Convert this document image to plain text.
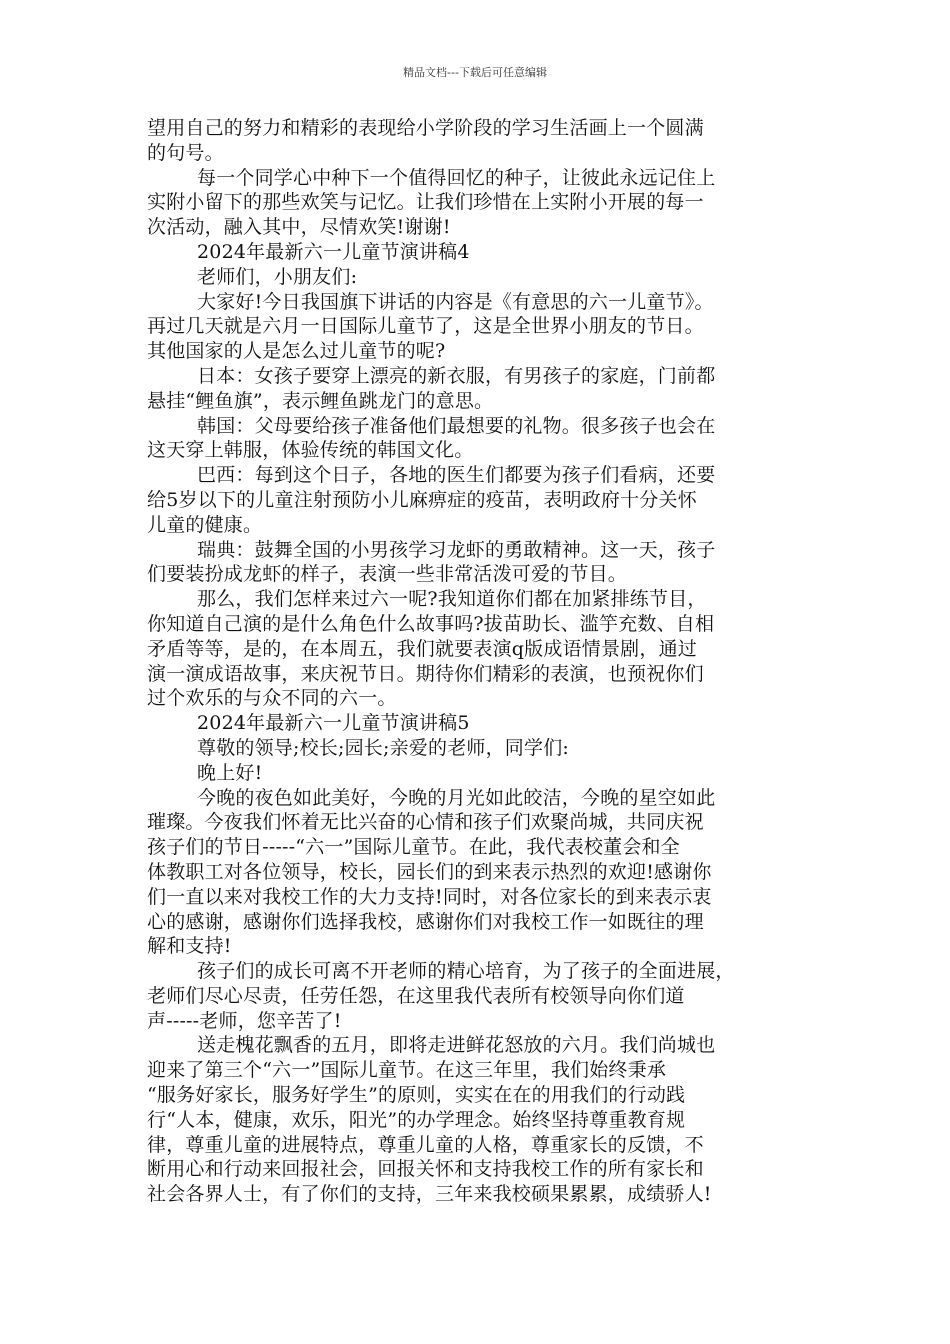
精品文档---下载后可任意编辑
望用自己的努力和精彩的表现给小学阶段的学习生活画上一个圆满
的句号。
每一个同学心中种下一个值得回忆的种子，让彼此永远记住上
实附小留下的那些欢笑与记忆。让我们珍惜在上实附小开展的每一
次活动，融入其中，尽情欢笑!谢谢!
2024年最新六一儿童节演讲稿4
老师们，小朋友们:
大家好!今日我国旗下讲话的内容是《有意思的六一儿童节》。
再过几天就是六月一日国际儿童节了，这是全世界小朋友的节日。
其他国家的人是怎么过儿童节的呢?
日本：女孩子要穿上漂亮的新衣服，有男孩子的家庭，门前都
悬挂“鲤鱼旗”，表示鲤鱼跳龙门的意思。
韩国：父母要给孩子准备他们最想要的礼物。很多孩子也会在
这天穿上韩服，体验传统的韩国文化。
巴西：每到这个日子，各地的医生们都要为孩子们看病，还要
给5岁以下的儿童注射预防小儿麻痹症的疫苗，表明政府十分关怀
儿童的健康。
瑞典：鼓舞全国的小男孩学习龙虾的勇敢精神。这一天，孩子
们要装扮成龙虾的样子，表演一些非常活泼可爱的节目。
那么，我们怎样来过六一呢?我知道你们都在加紧排练节目，
你知道自己演的是什么角色什么故事吗?拔苗助长、滥竽充数、自相
矛盾等等，是的，在本周五，我们就要表演q版成语情景剧，通过
演一演成语故事，来庆祝节日。期待你们精彩的表演，也预祝你们
过个欢乐的与众不同的六一。
2024年最新六一儿童节演讲稿5
尊敬的领导;校长;园长;亲爱的老师，同学们:
晚上好!
今晚的夜色如此美好，今晚的月光如此皎洁，今晚的星空如此
璀璨。今夜我们怀着无比兴奋的心情和孩子们欢聚尚城，共同庆祝
孩子们的节日-----“六一”国际儿童节。在此，我代表校董会和全
体教职工对各位领导，校长，园长们的到来表示热烈的欢迎!感谢你
们一直以来对我校工作的大力支持!同时，对各位家长的到来表示衷
心的感谢，感谢你们选择我校，感谢你们对我校工作一如既往的理
解和支持!
孩子们的成长可离不开老师的精心培育，为了孩子的全面进展，
老师们尽心尽责，任劳任怨，在这里我代表所有校领导向你们道
声-----老师，您辛苦了!
送走槐花飘香的五月，即将走进鲜花怒放的六月。我们尚城也
迎来了第三个“六一”国际儿童节。在这三年里，我们始终秉承
“服务好家长，服务好学生”的原则，实实在在的用我们的行动践
行“人本，健康，欢乐，阳光”的办学理念。始终坚持尊重教育规
律，尊重儿童的进展特点，尊重儿童的人格，尊重家长的反馈，不
断用心和行动来回报社会，回报关怀和支持我校工作的所有家长和
社会各界人士，有了你们的支持，三年来我校硕果累累，成绩骄人!
